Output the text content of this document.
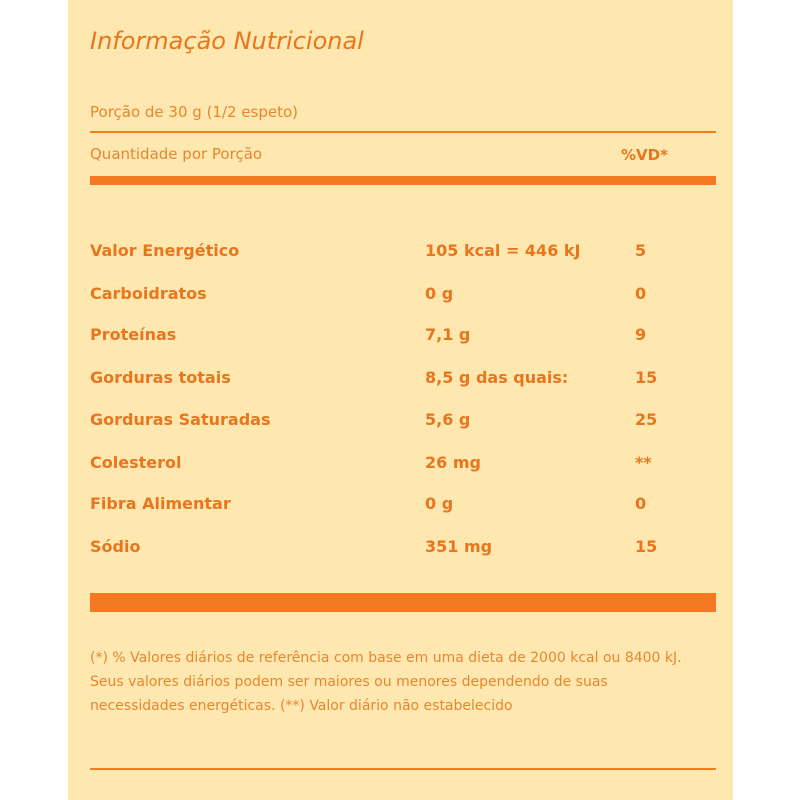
Informação Nutricional
Porção de 30 g (1/2 espeto)
Quantidade por Porção	%VD*
Valor Energético	105 kcal = 446 kJ	5
Carboidratos	0 g	0
Proteínas	7,1 g	9
Gorduras totais	8,5 g das quais:	15
Gorduras Saturadas	5,6 g	25
Colesterol	26 mg	**
Fibra Alimentar	0 g	0
Sódio	351 mg	15
(*) % Valores diários de referência com base em uma dieta de 2000 kcal ou 8400 kJ. Seus valores diários podem ser maiores ou menores dependendo de suas necessidades energéticas. (**) Valor diário não estabelecido
